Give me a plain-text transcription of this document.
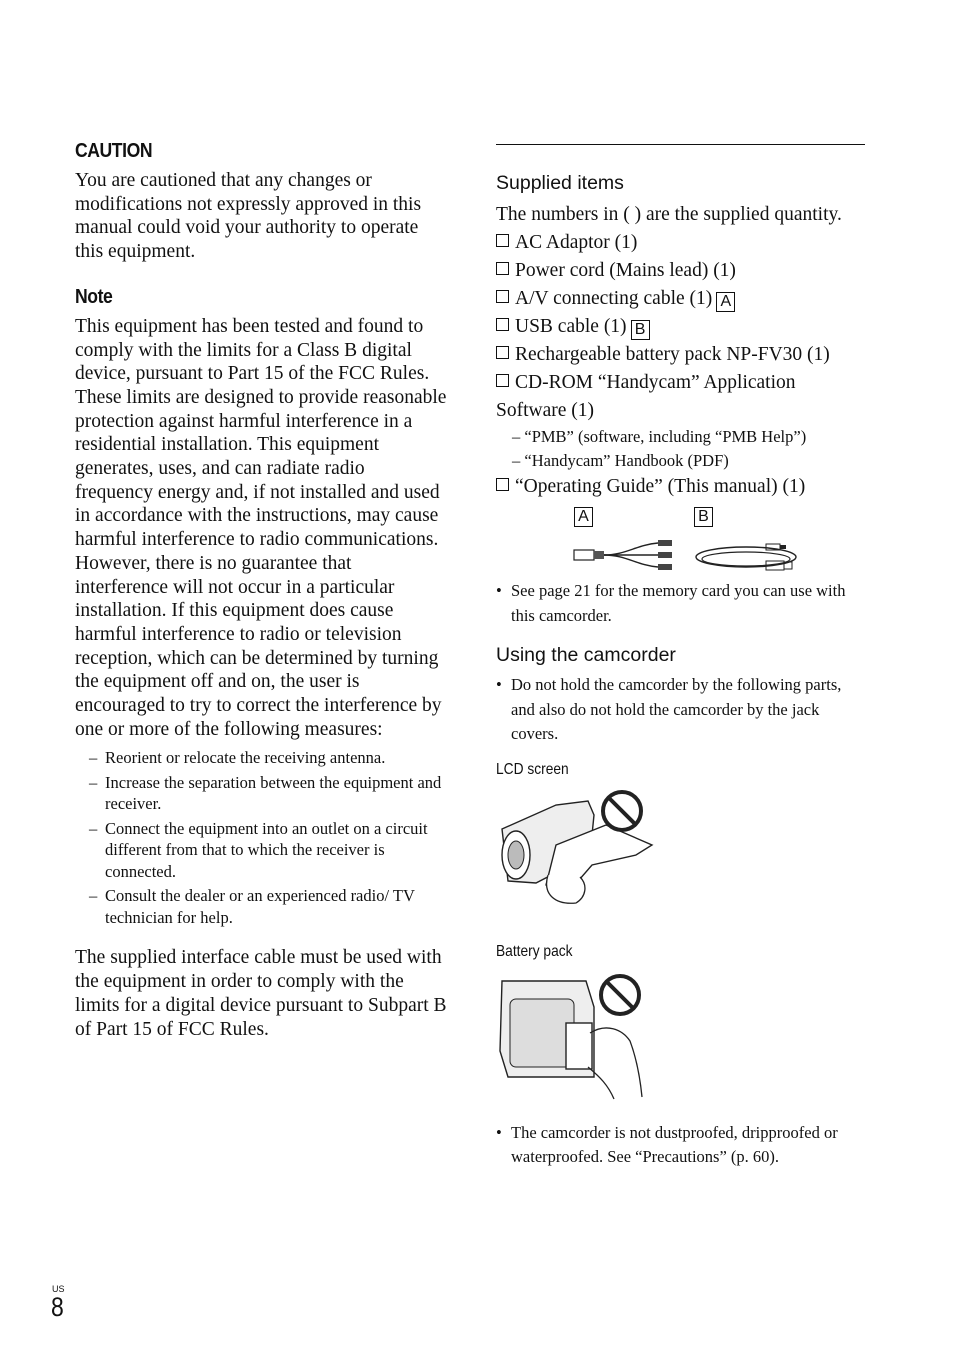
CAUTION

You are cautioned that any changes or modifications not expressly approved in this manual could void your authority to operate this equipment.

Note

This equipment has been tested and found to comply with the limits for a Class B digital device, pursuant to Part 15 of the FCC Rules.

These limits are designed to provide reasonable protection against harmful interference in a residential installation. This equipment generates, uses, and can radiate radio frequency energy and, if not installed and used in accordance with the instructions, may cause harmful interference to radio communications. However, there is no guarantee that interference will not occur in a particular installation. If this equipment does cause harmful interference to radio or television reception, which can be determined by turning the equipment off and on, the user is encouraged to try to correct the interference by one or more of the following measures:

– Reorient or relocate the receiving antenna.
– Increase the separation between the equipment and receiver.
– Connect the equipment into an outlet on a circuit different from that to which the receiver is connected.
– Consult the dealer or an experienced radio/ TV technician for help.

The supplied interface cable must be used with the equipment in order to comply with the limits for a digital device pursuant to Subpart B of Part 15 of FCC Rules.

Supplied items

The numbers in ( ) are the supplied quantity.

AC Adaptor (1)
Power cord (Mains lead) (1)
A/V connecting cable (1) A
USB cable (1) B
Rechargeable battery pack NP-FV30 (1)
CD-ROM “Handycam” Application Software (1)
– “PMB” (software, including “PMB Help”)
– “Handycam” Handbook (PDF)
“Operating Guide” (This manual) (1)
A	B

• See page 21 for the memory card you can use with this camcorder.

Using the camcorder

• Do not hold the camcorder by the following parts, and also do not hold the camcorder by the jack covers.

LCD screen
Battery pack

• The camcorder is not dustproofed, dripproofed or waterproofed. See “Precautions” (p. 60).

US
8
